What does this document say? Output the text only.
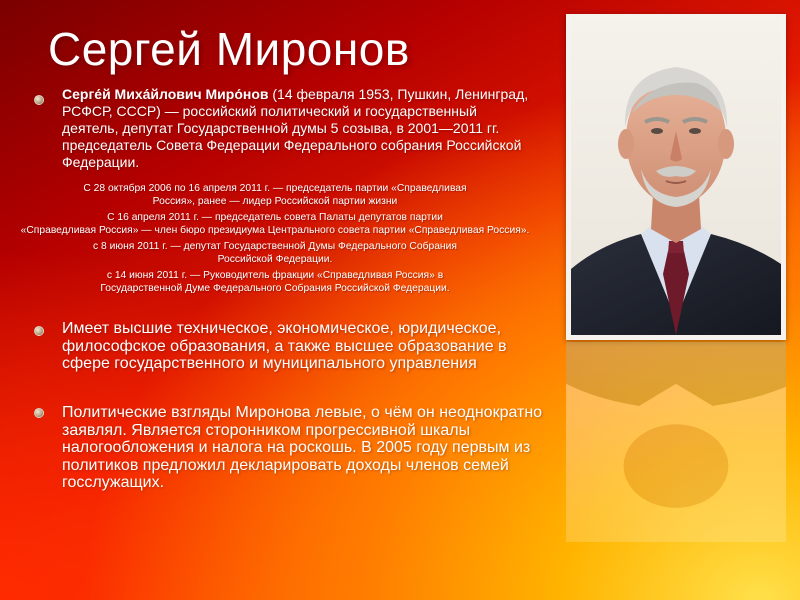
Сергей Миронов
Серге́й Миха́йлович Миро́нов (14 февраля 1953, Пушкин, Ленинград, РСФСР, СССР) — российский политический и государственный деятель, депутат Государственной думы 5 созыва, в 2001—2011 гг. председатель Совета Федерации Федерального собрания Российской Федерации.
С 28 октября 2006 по 16 апреля 2011 г. — председатель партии «Справедливая
Россия», ранее — лидер Российской партии жизни
С 16 апреля 2011 г. — председатель совета Палаты депутатов партии
«Справедливая Россия» — член бюро президиума Центрального совета партии «Справедливая Россия».
с 8 июня 2011 г. — депутат Государственной Думы Федерального Собрания
Российской Федерации.
с 14 июня 2011 г. — Руководитель фракции «Справедливая Россия» в
Государственной Думе Федерального Собрания Российской Федерации.
Имеет высшие техническое, экономическое, юридическое, философское образования, а также высшее образование в сфере государственного и муниципального управления
Политические взгляды Миронова левые, о чём он неоднократно заявлял. Является сторонником прогрессивной шкалы налогообложения и налога на роскошь. В 2005 году первым из политиков предложил декларировать доходы членов семей госслужащих.
